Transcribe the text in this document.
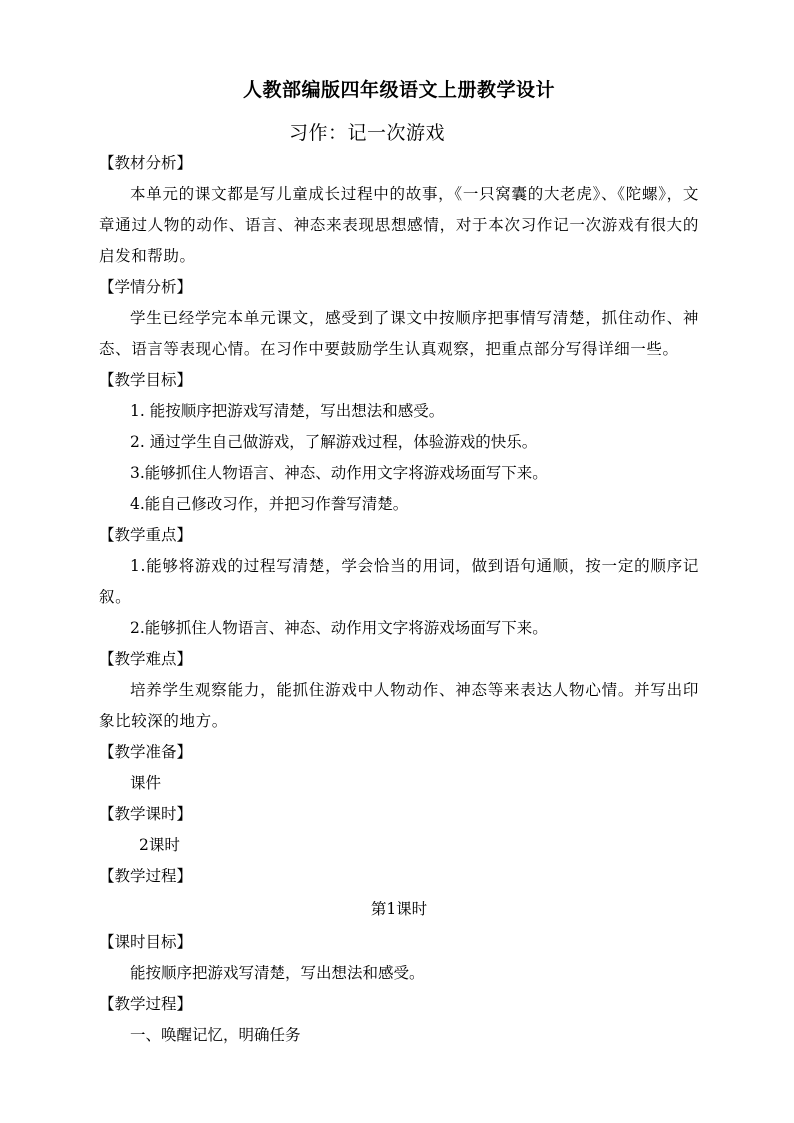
人教部编版四年级语文上册教学设计
习作：记一次游戏
【教材分析】

本单元的课文都是写儿童成长过程中的故事，《一只窝囊的大老虎》、《陀螺》，文章通过人物的动作、语言、神态来表现思想感情，对于本次习作记一次游戏有很大的启发和帮助。

【学情分析】

学生已经学完本单元课文，感受到了课文中按顺序把事情写清楚，抓住动作、神态、语言等表现心情。在习作中要鼓励学生认真观察，把重点部分写得详细一些。

【教学目标】
1. 能按顺序把游戏写清楚，写出想法和感受。
2. 通过学生自己做游戏，了解游戏过程，体验游戏的快乐。
3.能够抓住人物语言、神态、动作用文字将游戏场面写下来。
4.能自己修改习作，并把习作誊写清楚。
【教学重点】

1.能够将游戏的过程写清楚，学会恰当的用词，做到语句通顺，按一定的顺序记叙。

2.能够抓住人物语言、神态、动作用文字将游戏场面写下来。
【教学难点】

培养学生观察能力，能抓住游戏中人物动作、神态等来表达人物心情。并写出印象比较深的地方。

【教学准备】
课件
【教学课时】
2课时
【教学过程】
第1课时
【课时目标】
能按顺序把游戏写清楚，写出想法和感受。
【教学过程】
一、唤醒记忆，明确任务
